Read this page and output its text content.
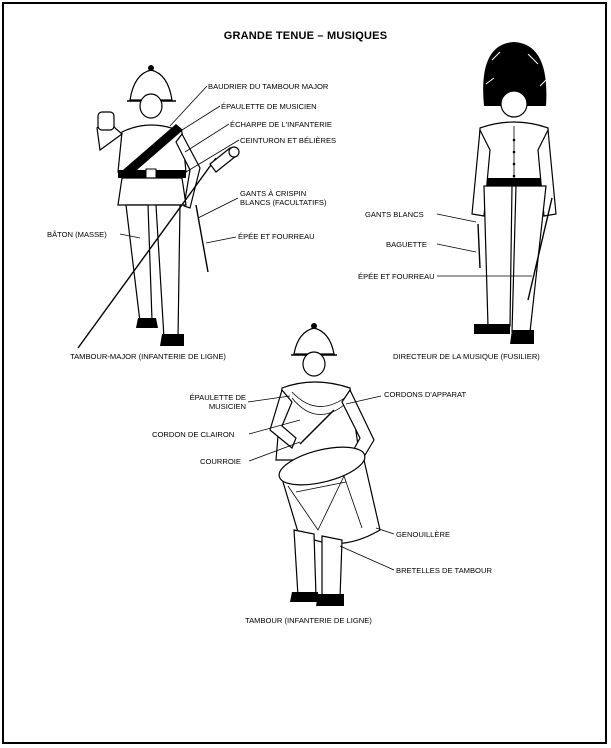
GRANDE TENUE – MUSIQUES
BAUDRIER DU TAMBOUR MAJOR
ÉPAULETTE DE MUSICIEN
ÉCHARPE DE L'INFANTERIE
CEINTURON ET BÉLIÈRES
GANTS À CRISPIN
BLANCS (FACULTATIFS)
BÂTON (MASSE)	ÉPÉE ET FOURREAU
TAMBOUR-MAJOR (INFANTERIE DE LIGNE)
GANTS BLANCS
BAGUETTE
ÉPÉE ET FOURREAU
DIRECTEUR DE LA MUSIQUE (FUSILIER)
ÉPAULETTE DE
MUSICIEN
CORDONS D'APPARAT
CORDON DE CLAIRON
COURROIE
GENOUILLÈRE
BRETELLES DE TAMBOUR
TAMBOUR (INFANTERIE DE LIGNE)
